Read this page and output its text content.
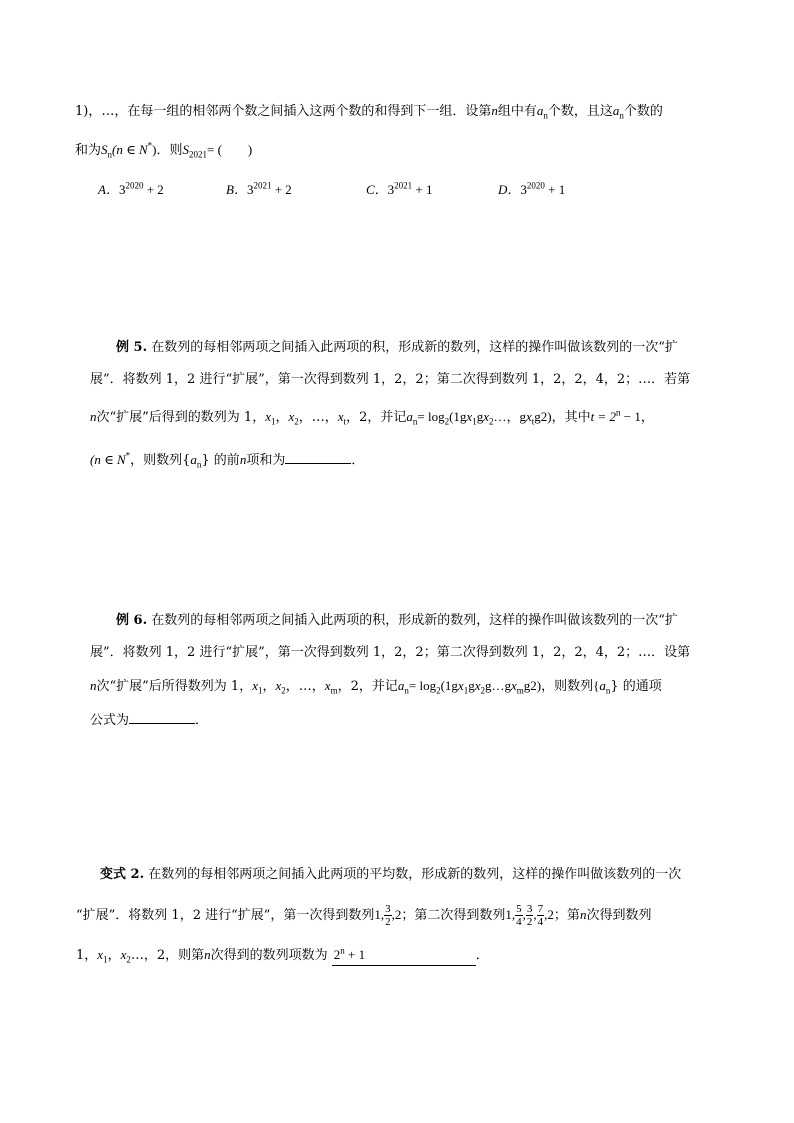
1)，…，在每一组的相邻两个数之间插入这两个数的和得到下一组．设第n组中有$a_n$个数，且这$a_n$个数的
和为$S_n(n$ ∈ N*)．则$S_{2021}=$ (　　)
A．$3^{2020} + 2$	B．$3^{2021} + 2$	C．$3^{2021} + 1$	D．$3^{2020} + 1$
例 5. 在数列的每相邻两项之间插入此两项的积，形成新的数列，这样的操作叫做该数列的一次“扩
展”．将数列 1，2 进行“扩展”，第一次得到数列 1，2，2；第二次得到数列 1，2，2，4，2；…．若第
n次“扩展”后得到的数列为 1，$x_1$，$x_2$，…，$x_t$，2，并记$a_n=$ $\log_2(1gx_1gx_2\dots$，$gx_tg2$)，其中$t = 2^n - 1$，
(n ∈ N*，则数列$\{a_n\}$ 的前n项和为	．
例 6. 在数列的每相邻两项之间插入此两项的积，形成新的数列，这样的操作叫做该数列的一次“扩
展”．将数列 1，2 进行“扩展”，第一次得到数列 1，2，2；第二次得到数列 1，2，2，4，2；…．设第
n次“扩展”后所得数列为 1，$x_1$，$x_2$，…，$x_m$，2，并记$a_n=$ $\log_2(1gx_1gx_2g\dots gx_mg2)$，则数列$\{a_n\}$ 的通项
公式为	．
变式 2. 在数列的每相邻两项之间插入此两项的平均数，形成新的数列，这样的操作叫做该数列的一次
“扩展”．将数列 1，2 进行“扩展”，第一次得到数列1, $\frac{3}{2} ,2$；第二次得到数列1, $\frac{5}{4}$ , $\frac{3}{2}$ , $\frac{7}{4} ,2$；第n次得到数列
1，$x_1$，$x_2\dots$，2，则第n次得到的数列项数为 $2^n + 1$	．
